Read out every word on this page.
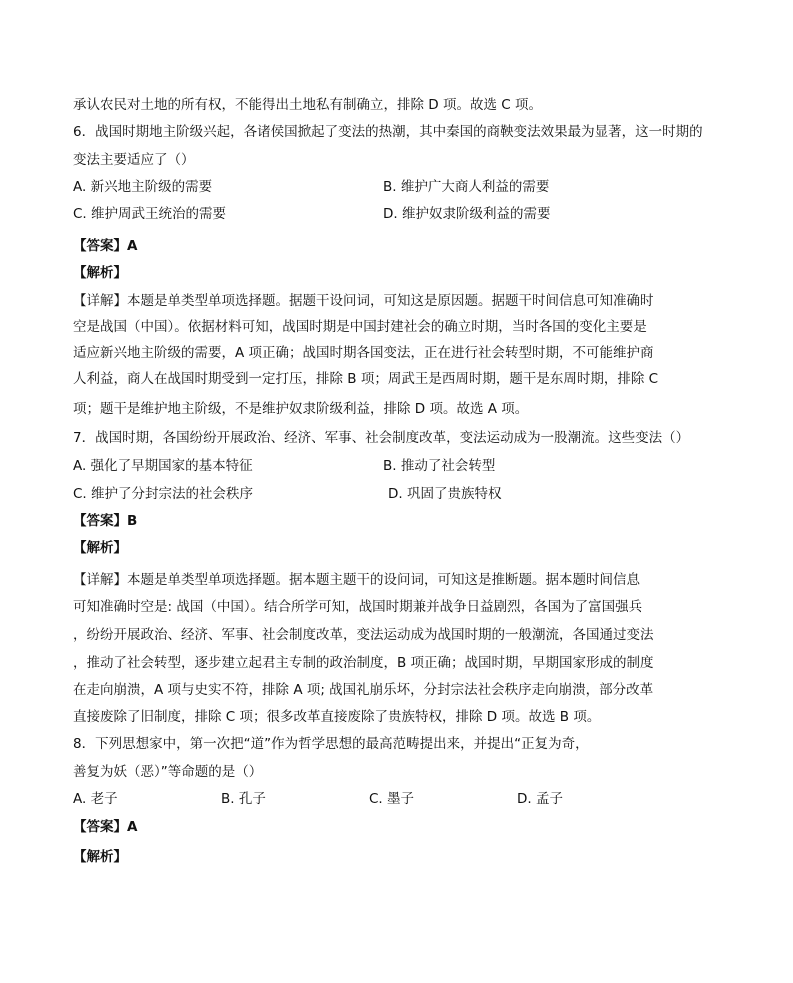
承认农民对土地的所有权，不能得出土地私有制确立，排除 D 项。故选 C 项。
6．战国时期地主阶级兴起，各诸侯国掀起了变法的热潮，其中秦国的商鞅变法效果最为显著，这一时期的
变法主要适应了（）
A. 新兴地主阶级的需要	B. 维护广大商人利益的需要
C. 维护周武王统治的需要	D. 维护奴隶阶级利益的需要
【答案】A
【解析】
【详解】本题是单类型单项选择题。据题干设问词，可知这是原因题。据题干时间信息可知准确时
空是战国（中国）。依据材料可知，战国时期是中国封建社会的确立时期，当时各国的变化主要是
适应新兴地主阶级的需要，A 项正确；战国时期各国变法，正在进行社会转型时期，不可能维护商
人利益，商人在战国时期受到一定打压，排除 B 项；周武王是西周时期，题干是东周时期，排除 C
项；题干是维护地主阶级，不是维护奴隶阶级利益，排除 D 项。故选 A 项。
7．战国时期，各国纷纷开展政治、经济、军事、社会制度改革，变法运动成为一股潮流。这些变法（）
A. 强化了早期国家的基本特征	B. 推动了社会转型
C. 维护了分封宗法的社会秩序	D. 巩固了贵族特权
【答案】B
【解析】
【详解】本题是单类型单项选择题。据本题主题干的设问词，可知这是推断题。据本题时间信息
可知准确时空是: 战国（中国）。结合所学可知，战国时期兼并战争日益剧烈，各国为了富国强兵
，纷纷开展政治、经济、军事、社会制度改革，变法运动成为战国时期的一般潮流，各国通过变法
，推动了社会转型，逐步建立起君主专制的政治制度，B 项正确；战国时期，早期国家形成的制度
在走向崩溃，A 项与史实不符，排除 A 项; 战国礼崩乐坏，分封宗法社会秩序走向崩溃，部分改革
直接废除了旧制度，排除 C 项；很多改革直接废除了贵族特权，排除 D 项。故选 B 项。
8．下列思想家中，第一次把“道”作为哲学思想的最高范畴提出来，并提出“正复为奇，
善复为妖（恶）”等命题的是（）
A. 老子	B. 孔子	C. 墨子	D. 孟子
【答案】A
【解析】
